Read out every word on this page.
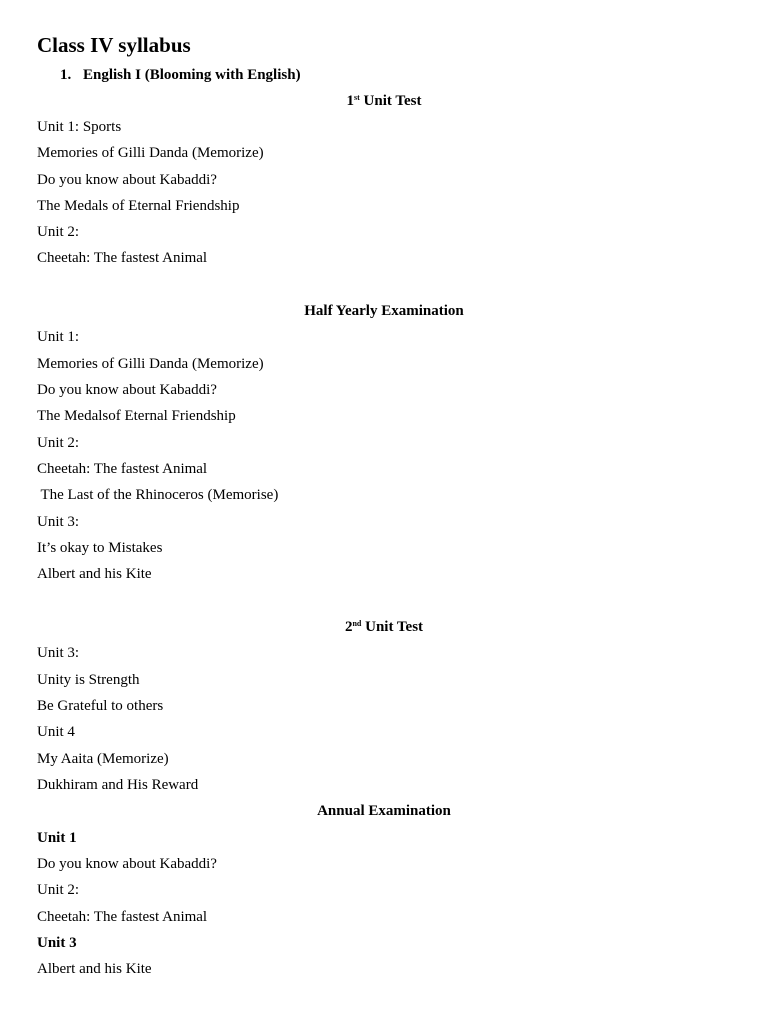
Class IV syllabus
1. English I (Blooming with English)
1st Unit Test
Unit 1: Sports
Memories of Gilli Danda (Memorize)
Do you know about Kabaddi?
The Medals of Eternal Friendship
Unit 2:
Cheetah: The fastest Animal
Half Yearly Examination
Unit 1:
Memories of Gilli Danda (Memorize)
Do you know about Kabaddi?
The Medalsof Eternal Friendship
Unit 2:
Cheetah: The fastest Animal
The Last of the Rhinoceros (Memorise)
Unit 3:
It’s okay to Mistakes
Albert and his Kite
2nd Unit Test
Unit 3:
Unity is Strength
Be Grateful to others
Unit 4
My Aaita (Memorize)
Dukhiram and His Reward
Annual Examination
Unit 1
Do you know about Kabaddi?
Unit 2:
Cheetah: The fastest Animal
Unit 3
Albert and his Kite
